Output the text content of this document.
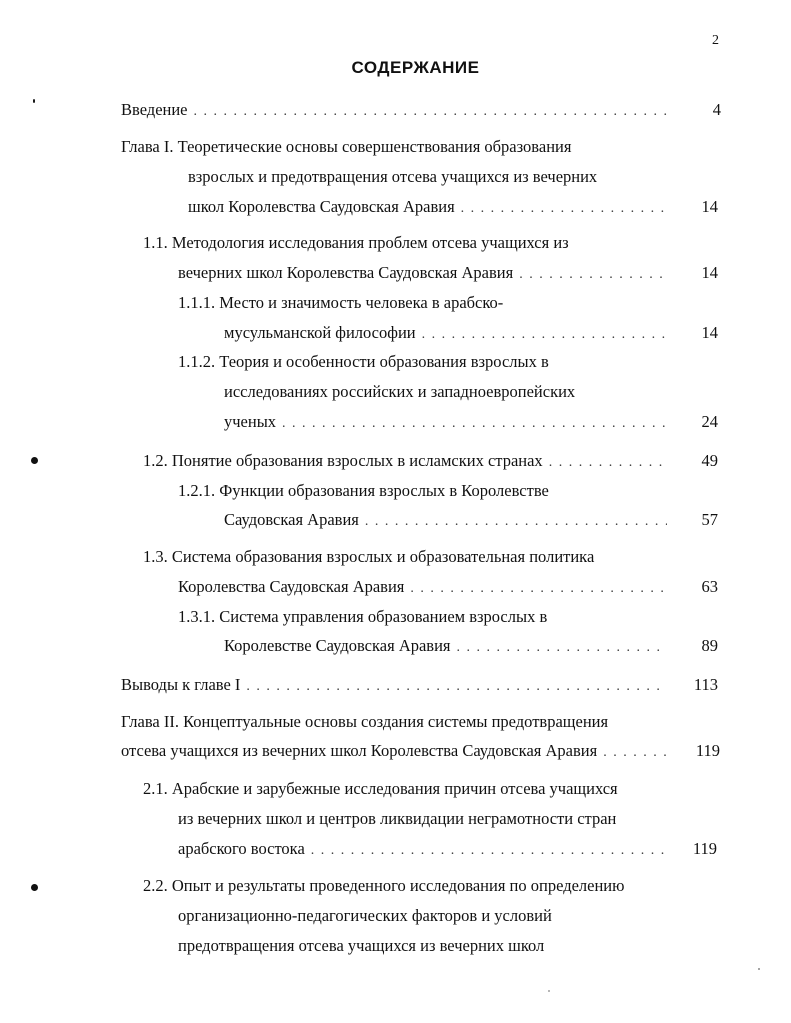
2
СОДЕРЖАНИЕ
Введение . . .	4
Глава I. Теоретические основы совершенствования образования
взрослых и предотвращения отсева учащихся из вечерних
школ Королевства Саудовская Аравия . . .	14
1.1. Методология исследования проблем отсева учащихся из
вечерних школ Королевства Саудовская Аравия . . .	14
1.1.1. Место и значимость человека в арабско-
мусульманской философии . . .	14
1.1.2. Теория и особенности образования взрослых в
исследованиях российских и западноевропейских
ученых . . .	24
1.2. Понятие образования взрослых в исламских странах . . .	49
1.2.1. Функции образования взрослых в Королевстве
Саудовская Аравия . . .	57
1.3. Система образования взрослых и образовательная политика
Королевства Саудовская Аравия . . .	63
1.3.1. Система управления образованием взрослых в
Королевстве Саудовская Аравия . . .	89
Выводы к главе I . . .	113
Глава II. Концептуальные основы создания системы предотвращения
отсева учащихся из вечерних школ Королевства Саудовская Аравия . . .	119
2.1. Арабские и зарубежные исследования причин отсева учащихся
из вечерних школ и центров ликвидации неграмотности стран
арабского востока . . .	119
2.2. Опыт и результаты проведенного исследования по определению
организационно-педагогических факторов и условий
предотвращения отсева учащихся из вечерних школ
